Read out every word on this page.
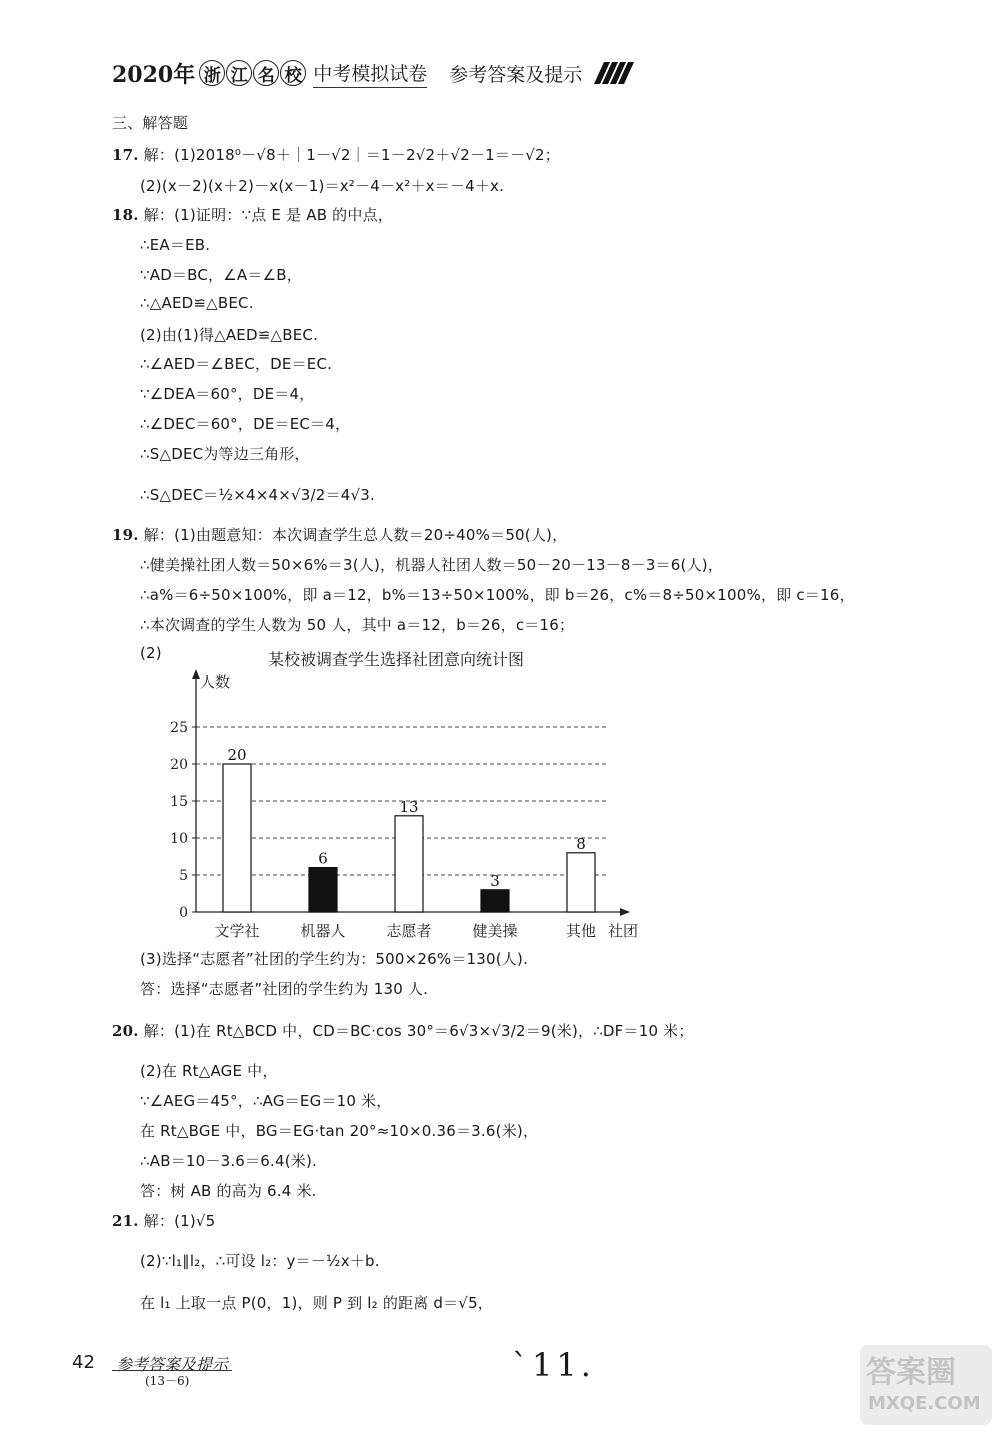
2020年 浙 江 名 校 中考模拟试卷 参考答案及提示
三、解答题
17. 解：(1)2018⁰－√8＋｜1－√2｜＝1－2√2＋√2－1＝－√2；
(2)(x－2)(x＋2)－x(x－1)＝x²－4－x²＋x＝－4＋x.
18. 解：(1)证明：∵点 E 是 AB 的中点，
∴EA＝EB.
∵AD＝BC，∠A＝∠B，
∴△AED≌△BEC.
(2)由(1)得△AED≌△BEC.
∴∠AED＝∠BEC，DE＝EC.
∵∠DEA＝60°，DE＝4，
∴∠DEC＝60°，DE＝EC＝4，
∴S△DEC为等边三角形，
∴S△DEC＝½×4×4×√3/2＝4√3.
19. 解：(1)由题意知：本次调查学生总人数＝20÷40%＝50(人)，
∴健美操社团人数＝50×6%＝3(人)，机器人社团人数＝50－20－13－8－3＝6(人)，
∴a%＝6÷50×100%，即 a＝12，b%＝13÷50×100%，即 b＝26，c%＝8÷50×100%，即 c＝16，
∴本次调查的学生人数为 50 人，其中 a＝12，b＝26，c＝16；
(2)	某校被调查学生选择社团意向统计图
0
5
10
15
20
25
人数
社团
20
文学社
6
机器人
13
志愿者
3
健美操
8
其他
(3)选择“志愿者”社团的学生约为：500×26%＝130(人).
答：选择“志愿者”社团的学生约为 130 人.
20. 解：(1)在 Rt△BCD 中，CD＝BC·cos 30°＝6√3×√3/2＝9(米)，∴DF＝10 米；
(2)在 Rt△AGE 中，
∵∠AEG＝45°，∴AG＝EG＝10 米，
在 Rt△BGE 中，BG＝EG·tan 20°≈10×0.36＝3.6(米)，
∴AB＝10－3.6＝6.4(米).
答：树 AB 的高为 6.4 米.
21. 解：(1)√5
(2)∵l₁∥l₂，∴可设 l₂：y＝－½x＋b.
在 l₁ 上取一点 P(0，1)，则 P 到 l₂ 的距离 d＝√5，
42 参考答案及提示
(13－6)	`11.	答案圈
MXQE.COM
